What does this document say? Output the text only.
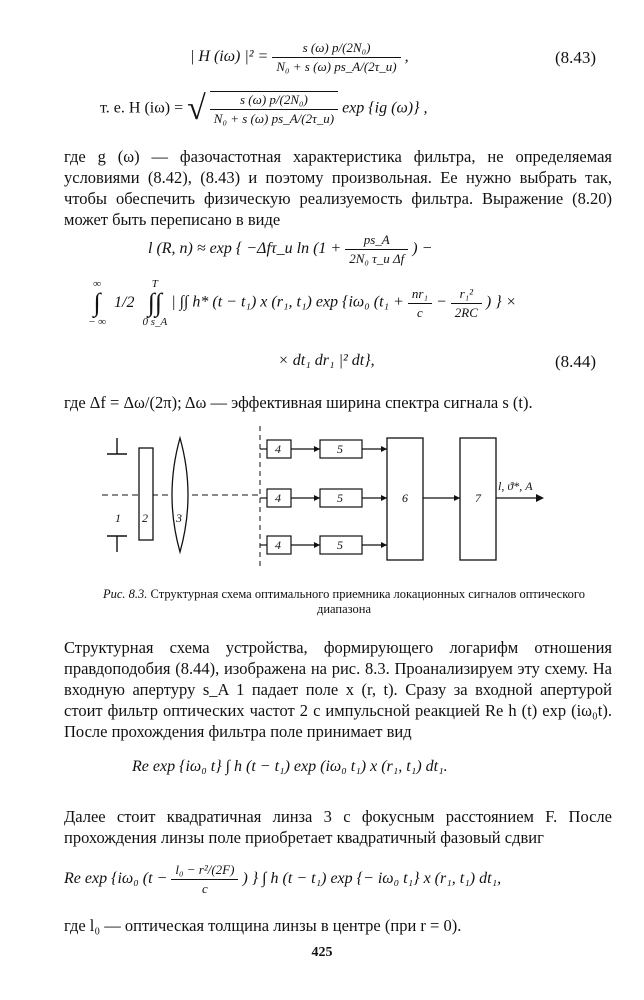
| H (iω) $|^2 = \frac{\text{s (ω) p/(2N₀)}}{\text{N₀ + s (ω) ps\_A/(2τ\_и)}}$ ,	(8.43)
т. е. H (iω) = √ $\frac{\text{s (ω) p/(2N₀)}}{\text{N₀ + s (ω) ps\_A/(2τ\_и)}}$ exp {ig (ω)} ,

где g (ω) — фазочастотная характеристика фильтра, не определяемая условиями (8.42), (8.43) и поэтому произвольная. Ее нужно выбрать так, чтобы обеспечить физическую реализуемость фильтра. Выражение (8.20) может быть переписано в виде

l (R, n) ≈ exp { −Δfτ_и $\ln (1 + \frac{ps\_A}{\text{2N₀ τ\_и Δf}}$ ) −
∞
∫
− ∞ 1/2 T
∫∫
0 s_A | ∫∫ h* (t − t₁) x (r₁, t₁) exp {iω₀ ($t_1 + \frac{\text{nr₁}}{c} - \frac{\text{r₁²}}{2RC}$ ) } ×
× dt₁ dr₁ |² dt},	(8.44)

где Δf = Δω/(2π); Δω — эффективная ширина спектра сигнала s (t).

1 2 3
4
4
4
5
5
5
6	7
l, ϑ*, A
Рис. 8.3. Структурная схема оптимального приемника локационных сигналов оптического диапазона

Структурная схема устройства, формирующего логарифм отношения правдоподобия (8.44), изображена на рис. 8.3. Проанализируем эту схему. На входную апертуру s_A 1 падает поле x (r, t). Сразу за входной апертурой стоит фильтр оптических частот 2 с импульсной реакцией Re h (t) exp (iω₀t). После прохождения фильтра поле принимает вид

Re exp {iω₀ t} ∫ h (t − t₁) exp (iω₀ t₁) x (r₁, t₁) dt₁.

Далее стоит квадратичная линза 3 с фокусным расстоянием F. После прохождения линзы поле приобретает квадратичный фазовый сдвиг

Re exp {iω₀ ($t - \frac{\text{l₀ − r²/(2F)}}{c}$ ) } ∫ h (t − t₁) exp {− iω₀ t₁} x (r₁, t₁) dt₁,

где l₀ — оптическая толщина линзы в центре (при r = 0).

425
